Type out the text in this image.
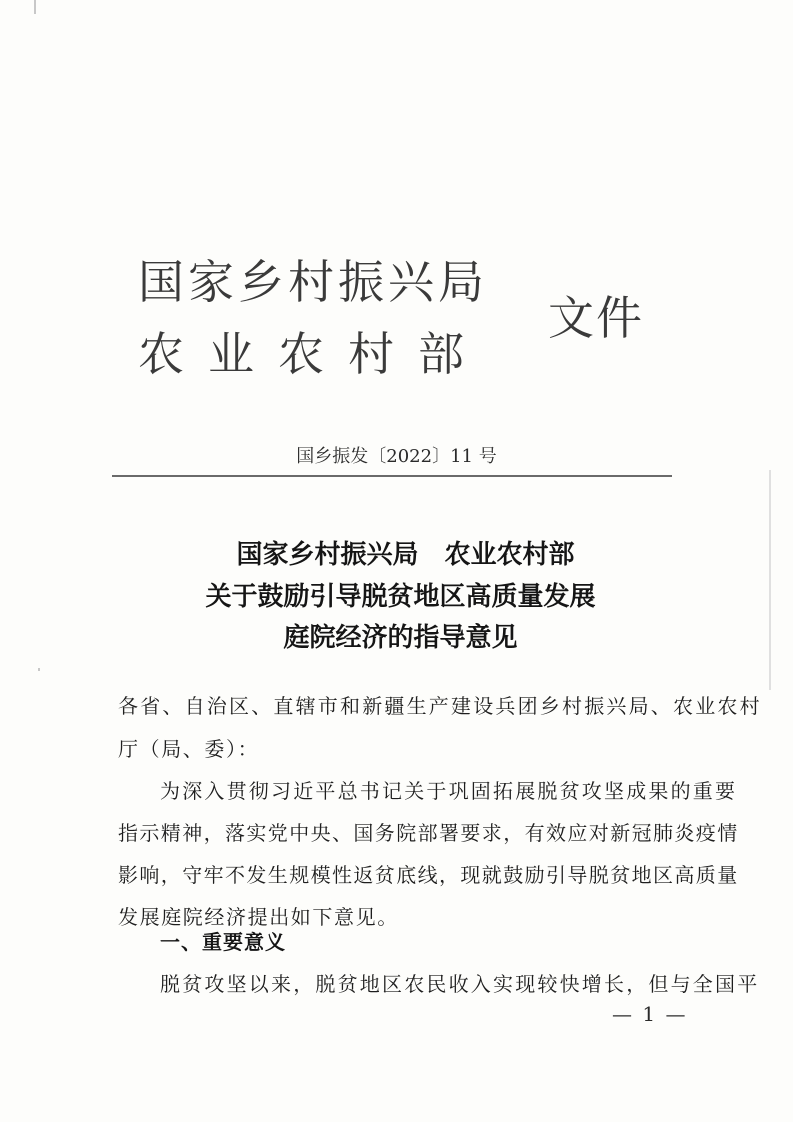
国家乡村振兴局
农业农村部
文件
国乡振发〔2022〕11 号
国家乡村振兴局　农业农村部
关于鼓励引导脱贫地区高质量发展
庭院经济的指导意见
各省、自治区、直辖市和新疆生产建设兵团乡村振兴局、农业农村
厅（局、委）：
为深入贯彻习近平总书记关于巩固拓展脱贫攻坚成果的重要
指示精神，落实党中央、国务院部署要求，有效应对新冠肺炎疫情
影响，守牢不发生规模性返贫底线，现就鼓励引导脱贫地区高质量
发展庭院经济提出如下意见。
一、重要意义
脱贫攻坚以来，脱贫地区农民收入实现较快增长，但与全国平
— 1 —
